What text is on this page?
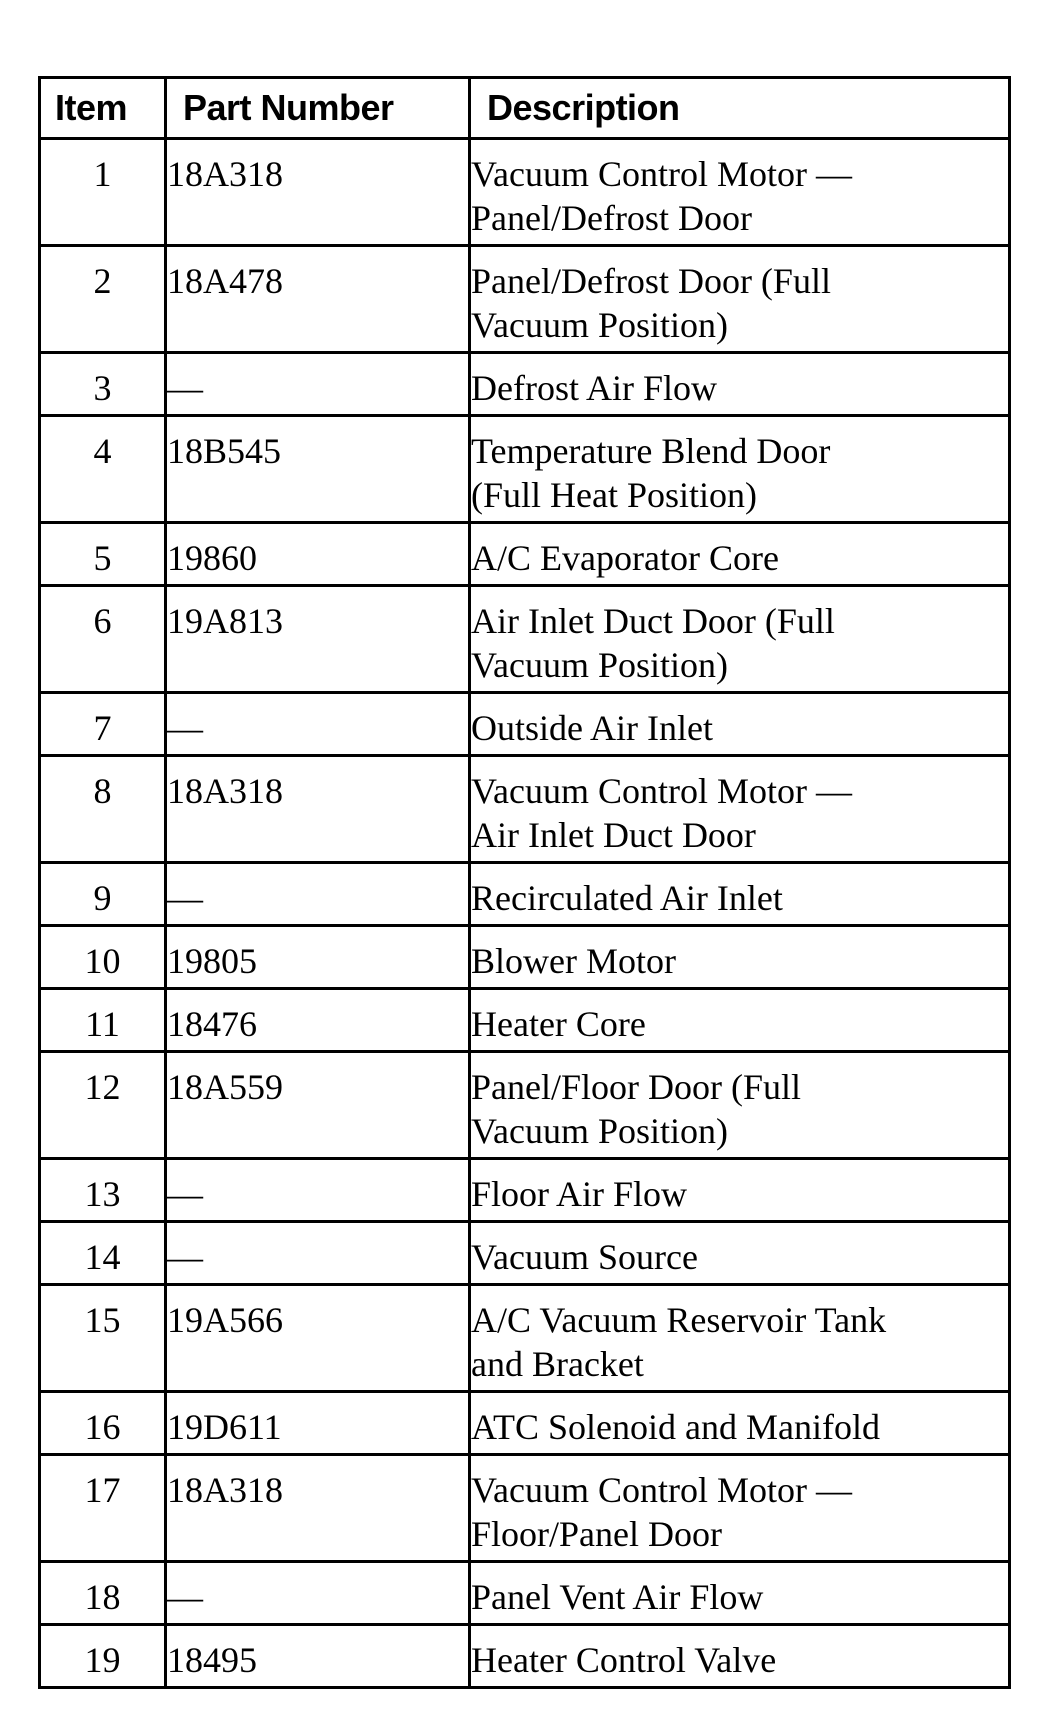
Item	Part Number	Description
1	18A318	Vacuum Control Motor —
Panel/Defrost Door

2	18A478	Panel/Defrost Door (Full
Vacuum Position)

3	—	Defrost Air Flow

4	18B545	Temperature Blend Door
(Full Heat Position)

5	19860	A/C Evaporator Core

6	19A813	Air Inlet Duct Door (Full
Vacuum Position)

7	—	Outside Air Inlet

8	18A318	Vacuum Control Motor —
Air Inlet Duct Door

9	—	Recirculated Air Inlet

10	19805	Blower Motor

11	18476	Heater Core

12	18A559	Panel/Floor Door (Full
Vacuum Position)

13	—	Floor Air Flow

14	—	Vacuum Source

15	19A566	A/C Vacuum Reservoir Tank
and Bracket

16	19D611	ATC Solenoid and Manifold

17	18A318	Vacuum Control Motor —
Floor/Panel Door

18	—	Panel Vent Air Flow

19	18495	Heater Control Valve
